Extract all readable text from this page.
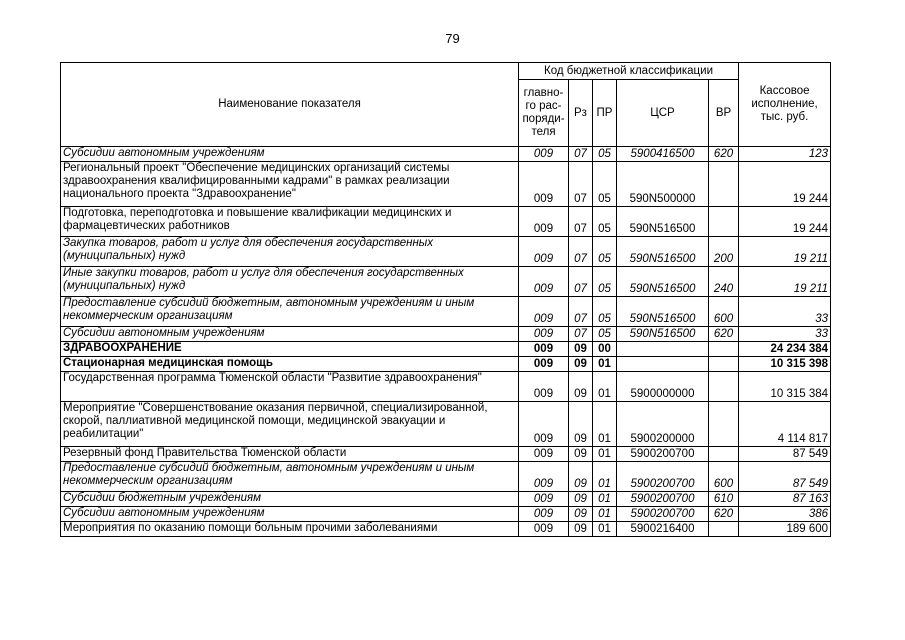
79
Наименование показателя	Код бюджетной классификации					Кассовое
исполнение,
тыс. руб.
	главно-
го рас-
поряди-
теля	Рз	ПР	ЦСР	ВР	
Субсидии автономным учреждениям	009	07	05	5900416500	620	123
Региональный проект "Обеспечение медицинских организаций системы здравоохранения квалифицированными кадрами" в рамках реализации национального проекта "Здравоохранение"	009	07	05	590N500000		19 244
Подготовка, переподготовка и повышение квалификации медицинских и фармацевтических работников	009	07	05	590N516500		19 244
Закупка товаров, работ и услуг для обеспечения государственных (муниципальных) нужд	009	07	05	590N516500	200	19 211
Иные закупки товаров, работ и услуг для обеспечения государственных (муниципальных) нужд	009	07	05	590N516500	240	19 211
Предоставление субсидий бюджетным, автономным учреждениям и иным некоммерческим организациям	009	07	05	590N516500	600	33
Субсидии автономным учреждениям	009	07	05	590N516500	620	33
ЗДРАВООХРАНЕНИЕ	009	09	00			24 234 384
Стационарная медицинская помощь	009	09	01			10 315 398
Государственная программа Тюменской области "Развитие здравоохранения"	009	09	01	5900000000		10 315 384
Мероприятие "Совершенствование оказания первичной, специализированной, скорой, паллиативной медицинской помощи, медицинской эвакуации и реабилитации"	009	09	01	5900200000		4 114 817
Резервный фонд Правительства Тюменской области	009	09	01	5900200700		87 549
Предоставление субсидий бюджетным, автономным учреждениям и иным некоммерческим организациям	009	09	01	5900200700	600	87 549
Субсидии бюджетным учреждениям	009	09	01	5900200700	610	87 163
Субсидии автономным учреждениям	009	09	01	5900200700	620	386
Мероприятия по оказанию помощи больным прочими заболеваниями	009	09	01	5900216400		189 600
